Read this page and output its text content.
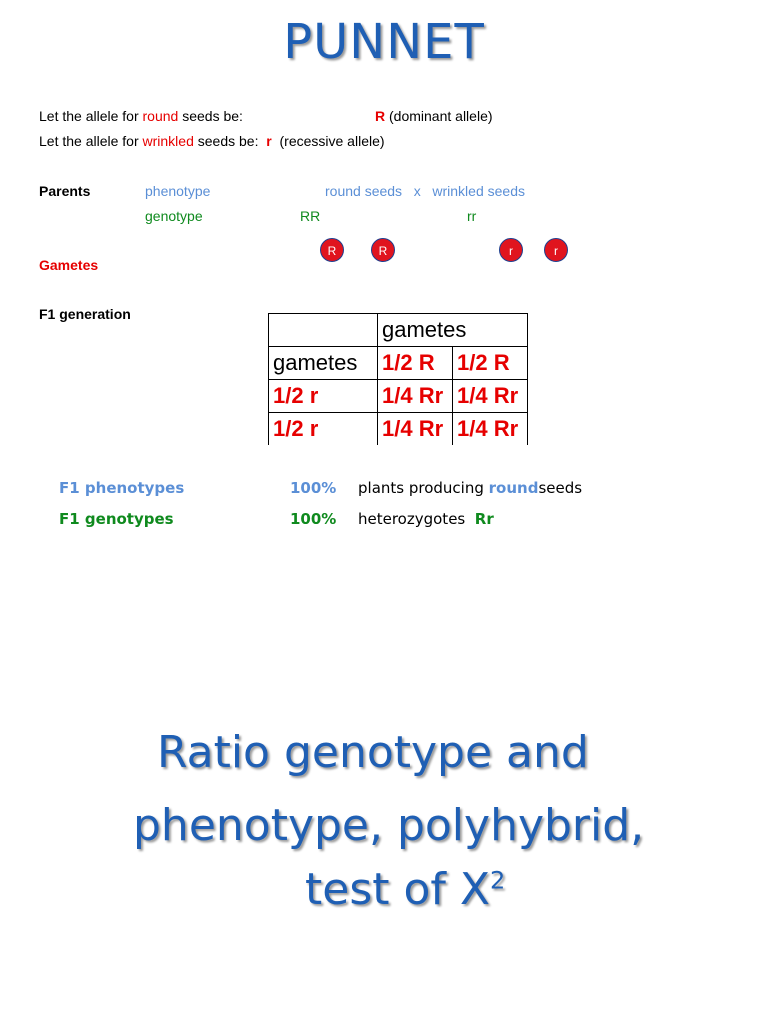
PUNNET
Let the allele for round seeds be:	R (dominant allele)
Let the allele for wrinkled seeds be: r (recessive allele)
Parents	phenotype	round seeds   x   wrinkled seeds
genotype	RR	rr
R	R	r	r
Gametes
F1 generation
	gametes	
gametes	1/2 R	1/2 R
1/2 r	1/4 Rr	1/4 Rr
1/2 r	1/4 Rr	1/4 Rr
F1 phenotypes	100% plants producing roundseeds
F1 genotypes	100% heterozygotes Rr
Ratio genotype and
phenotype, polyhybrid,
test of $X^2$
